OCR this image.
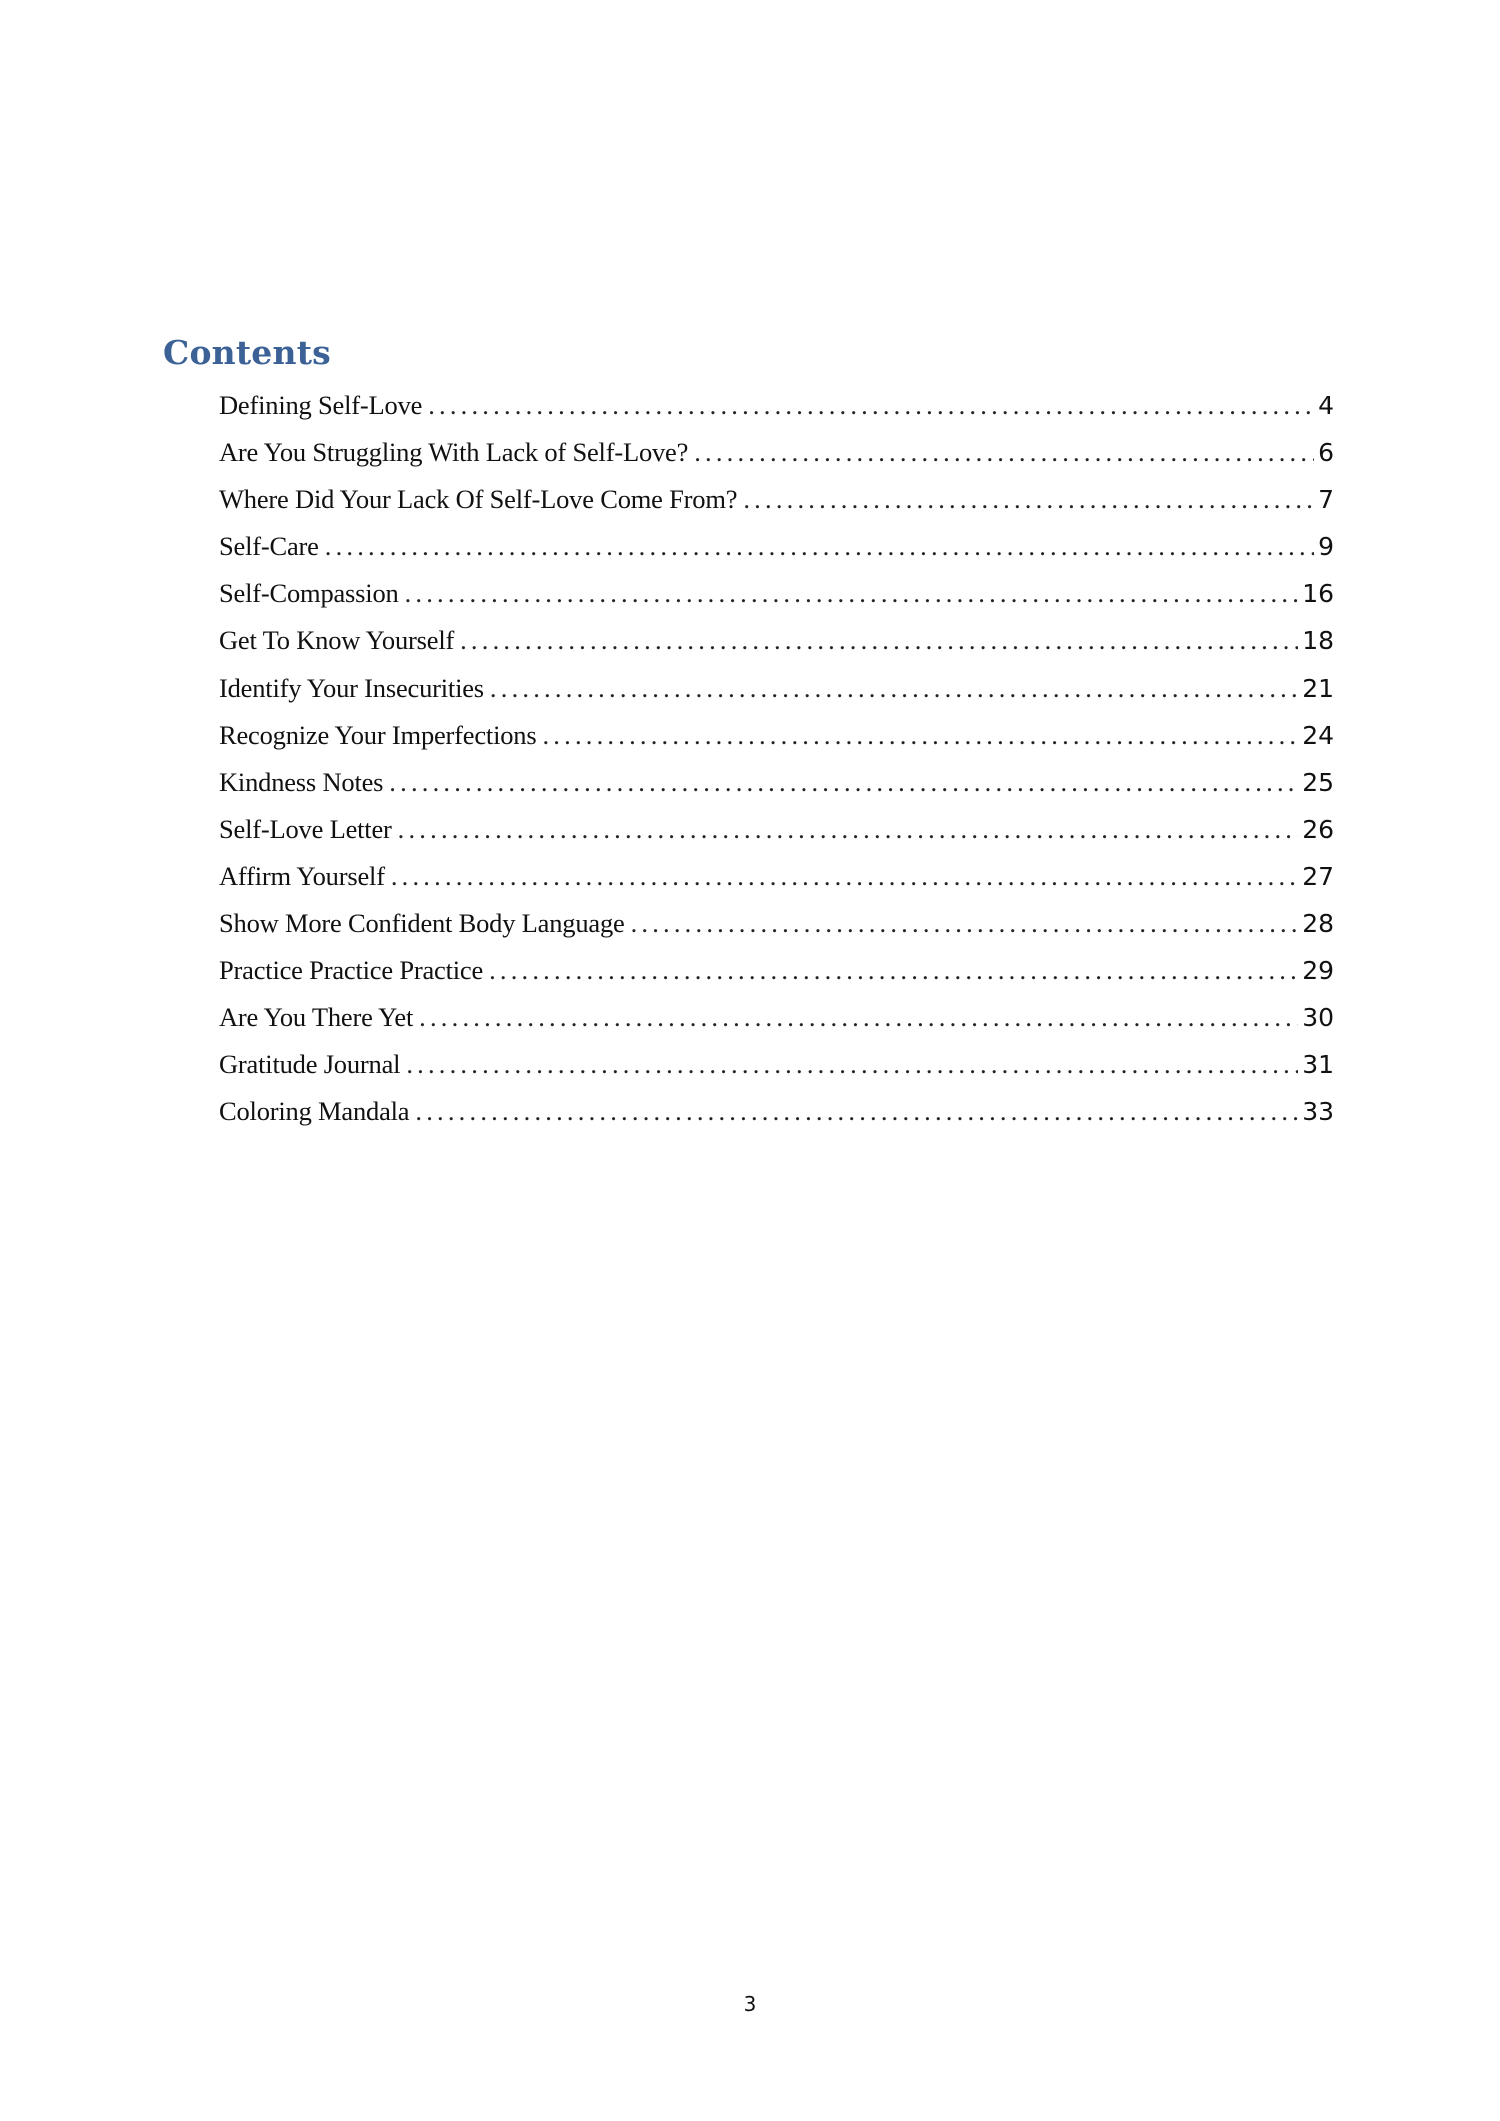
Contents
Defining Self-Love .....	4
Are You Struggling With Lack of Self-Love? .....	6
Where Did Your Lack Of Self-Love Come From? .....	7
Self-Care .....	9
Self-Compassion .....	16
Get To Know Yourself .....	18
Identify Your Insecurities .....	21
Recognize Your Imperfections .....	24
Kindness Notes .....	25
Self-Love Letter .....	26
Affirm Yourself .....	27
Show More Confident Body Language .....	28
Practice Practice Practice .....	29
Are You There Yet .....	30
Gratitude Journal .....	31
Coloring Mandala .....	33
3
